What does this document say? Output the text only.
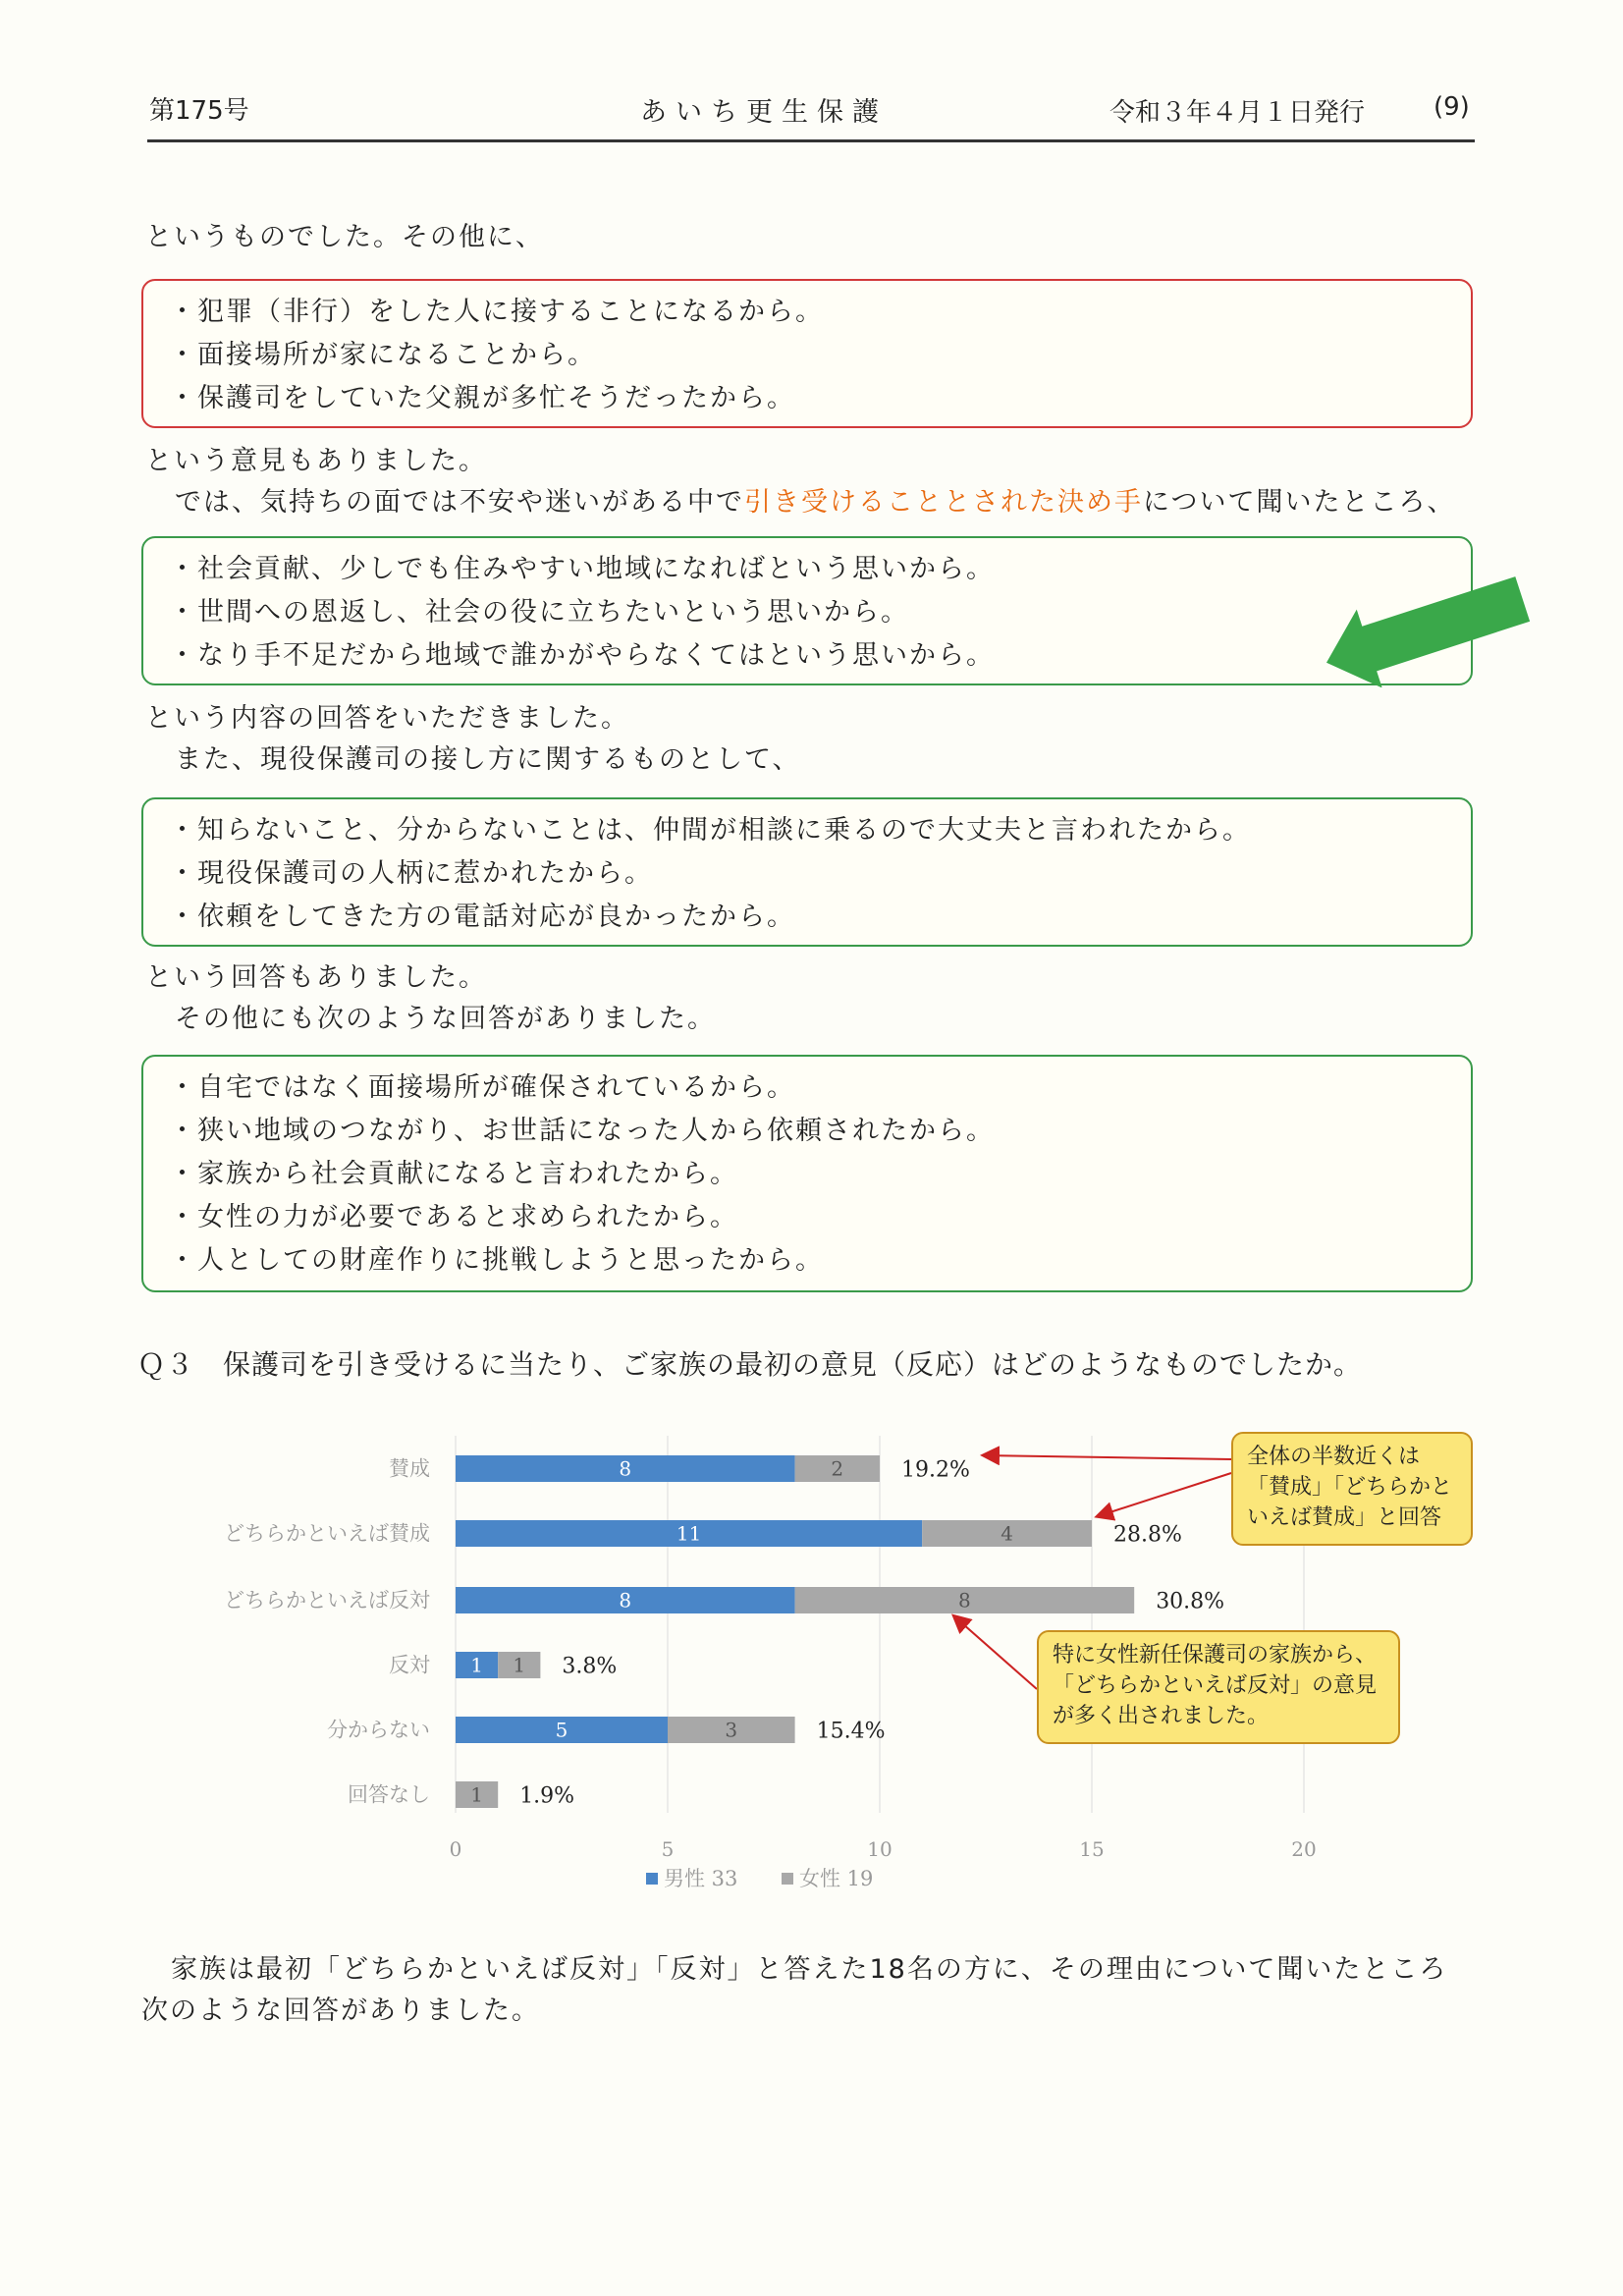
第175号	あいち更生保護	令和３年４月１日発行	(9)
というものでした。その他に、
・犯罪（非行）をした人に接することになるから。
・面接場所が家になることから。
・保護司をしていた父親が多忙そうだったから。
という意見もありました。
では、気持ちの面では不安や迷いがある中で引き受けることとされた決め手について聞いたところ、
・社会貢献、少しでも住みやすい地域になればという思いから。
・世間への恩返し、社会の役に立ちたいという思いから。
・なり手不足だから地域で誰かがやらなくてはという思いから。
という内容の回答をいただきました。
また、現役保護司の接し方に関するものとして、
・知らないこと、分からないことは、仲間が相談に乗るので大丈夫と言われたから。
・現役保護司の人柄に惹かれたから。
・依頼をしてきた方の電話対応が良かったから。
という回答もありました。
その他にも次のような回答がありました。
・自宅ではなく面接場所が確保されているから。
・狭い地域のつながり、お世話になった人から依頼されたから。
・家族から社会貢献になると言われたから。
・女性の力が必要であると求められたから。
・人としての財産作りに挑戦しようと思ったから。
Ｑ３　保護司を引き受けるに当たり、ご家族の最初の意見（反応）はどのようなものでしたか。
0	5	10	15	20
賛成	8	2	19.2%
どちらかといえば賛成	11	4	28.8%
どちらかといえば反対	8	8	30.8%
反対 1 1 3.8%
分からない	5	3	15.4%
回答なし 1 1.9%
男性 33	女性 19
全体の半数近くは
「賛成」「どちらかと
いえば賛成」と回答
特に女性新任保護司の家族から、
「どちらかといえば反対」の意見
が多く出されました。
家族は最初「どちらかといえば反対」「反対」と答えた18名の方に、その理由について聞いたところ
次のような回答がありました。
